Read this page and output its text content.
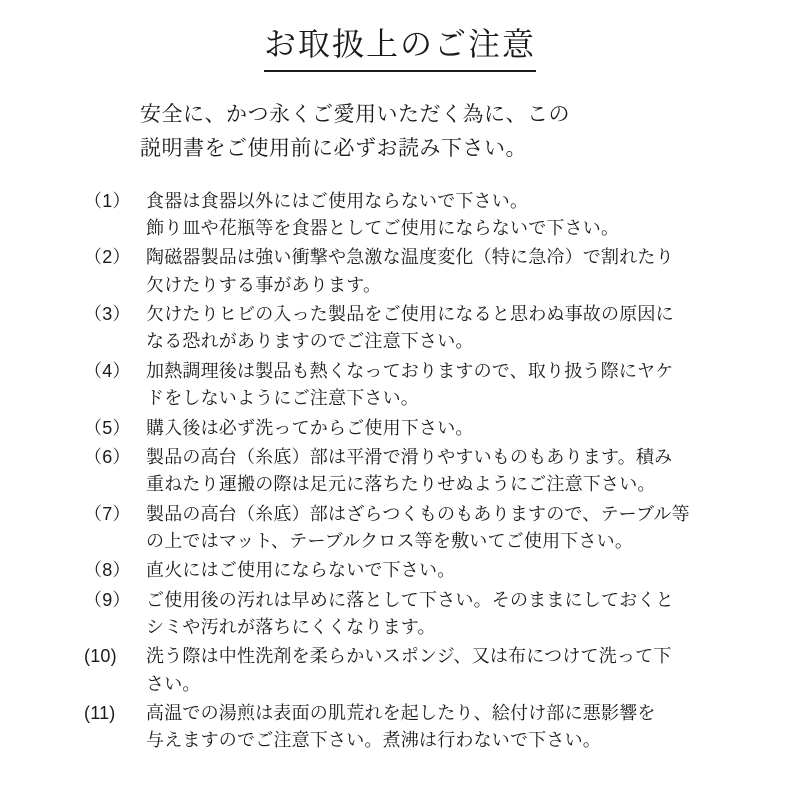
お取扱上のご注意

安全に、かつ永くご愛用いただく為に、この
説明書をご使用前に必ずお読み下さい。

（1） 食器は食器以外にはご使用ならないで下さい。
飾り皿や花瓶等を食器としてご使用にならないで下さい。
（2） 陶磁器製品は強い衝撃や急激な温度変化（特に急冷）で割れたり
欠けたりする事があります。
（3） 欠けたりヒビの入った製品をご使用になると思わぬ事故の原因に
なる恐れがありますのでご注意下さい。
（4） 加熱調理後は製品も熱くなっておりますので、取り扱う際にヤケ
ドをしないようにご注意下さい。
（5） 購入後は必ず洗ってからご使用下さい。
（6） 製品の高台（糸底）部は平滑で滑りやすいものもあります。積み
重ねたり運搬の際は足元に落ちたりせぬようにご注意下さい。
（7） 製品の高台（糸底）部はざらつくものもありますので、テーブル等
の上ではマット、テーブルクロス等を敷いてご使用下さい。
（8） 直火にはご使用にならないで下さい。
（9） ご使用後の汚れは早めに落として下さい。そのままにしておくと
シミや汚れが落ちにくくなります。
(10)	洗う際は中性洗剤を柔らかいスポンジ、又は布につけて洗って下
さい。
(11)	高温での湯煎は表面の肌荒れを起したり、絵付け部に悪影響を
与えますのでご注意下さい。煮沸は行わないで下さい。
